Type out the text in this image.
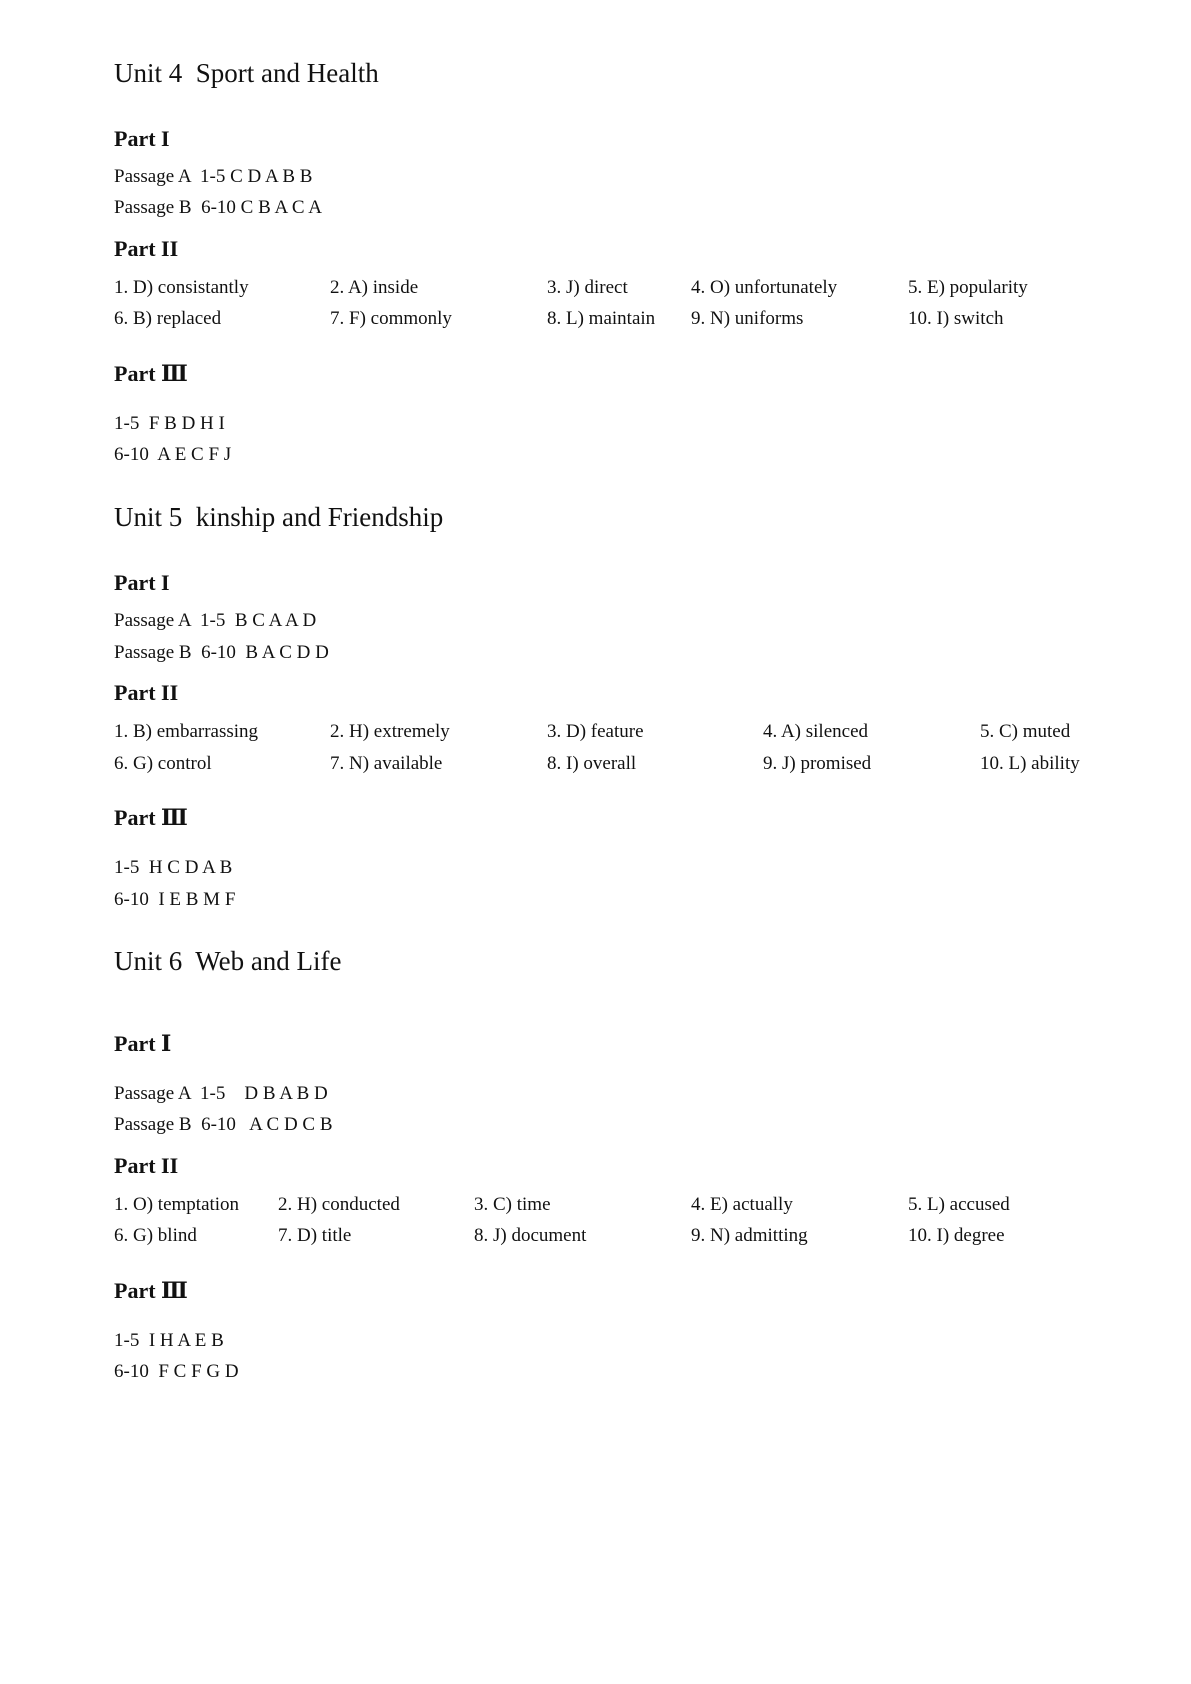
Unit 4  Sport and Health
Part I
Passage A  1-5 C D A B B
Passage B  6-10 C B A C A
Part II
1. D) consistantly	2. A) inside	3. J) direct	4. O) unfortunately	5. E) popularity
6. B) replaced	7. F) commonly	8. L) maintain 9. N) uniforms	10. I) switch
Part Ⅲ
1-5  F B D H I
6-10  A E C F J
Unit 5  kinship and Friendship
Part I
Passage A  1-5  B C A A D
Passage B  6-10  B A C D D
Part II
1. B) embarrassing	2. H) extremely	3. D) feature	4. A) silenced	5. C) muted
6. G) control	7. N) available	8. I) overall	9. J) promised	10. L) ability
Part Ⅲ
1-5  H C D A B
6-10  I E B M F
Unit 6  Web and Life
Part Ⅰ
Passage A  1-5    D B A B D
Passage B  6-10   A C D C B
Part II
1. O) temptation 2. H) conducted	3. C) time	4. E) actually	5. L) accused
6. G) blind	7. D) title	8. J) document	9. N) admitting	10. I) degree
Part Ⅲ
1-5  I H A E B
6-10  F C F G D
